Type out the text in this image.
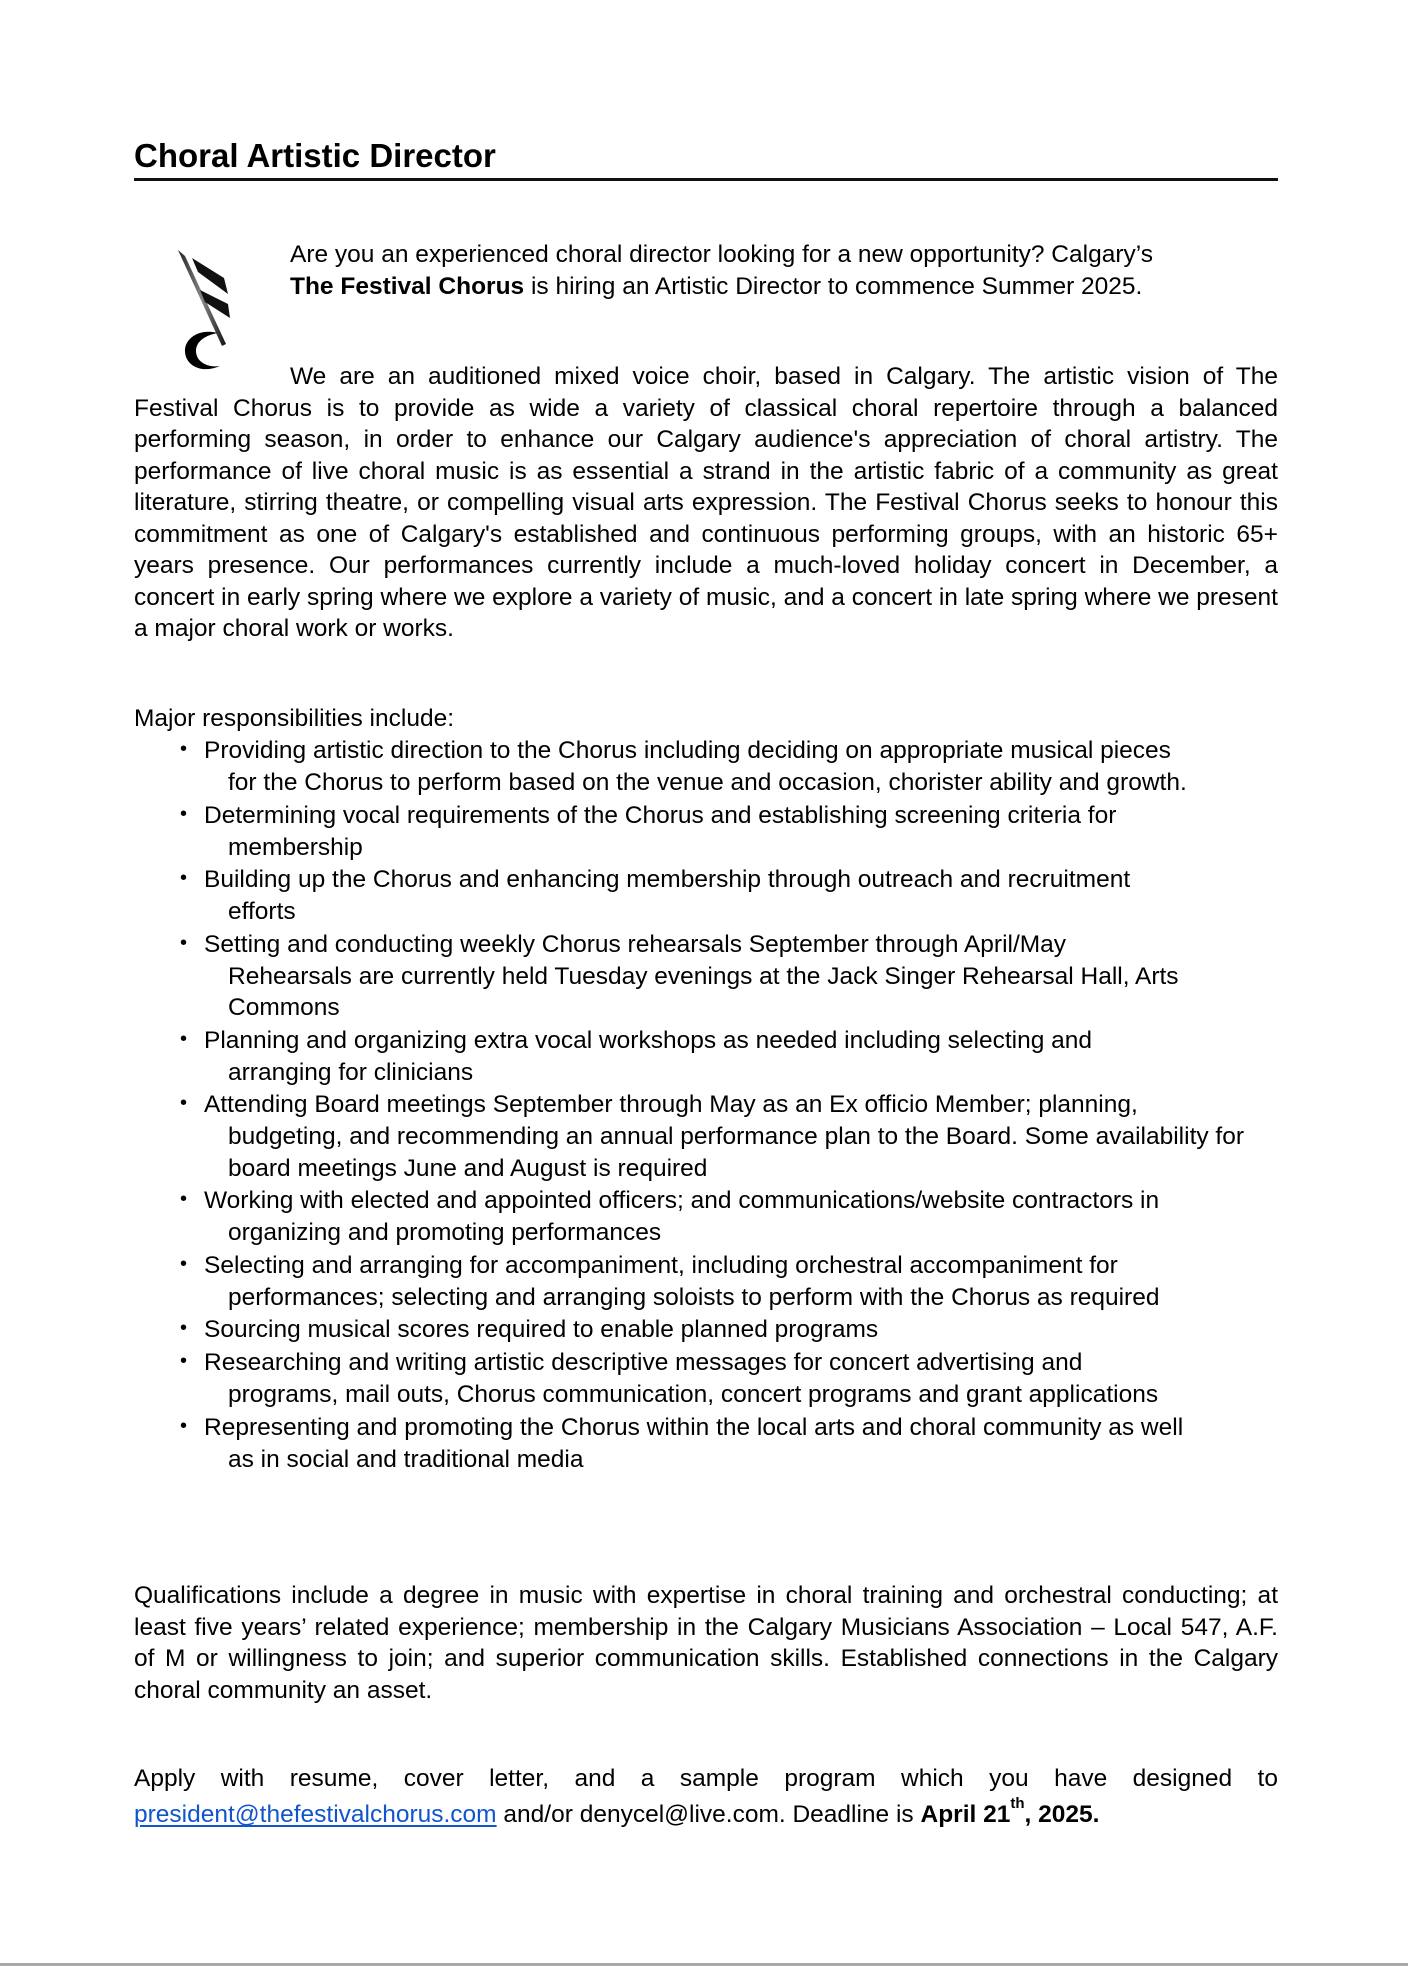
Choral Artistic Director
Are you an experienced choral director looking for a new opportunity? Calgary’s
The Festival Chorus is hiring an Artistic Director to commence Summer 2025.

We are an auditioned mixed voice choir, based in Calgary. The artistic vision of The Festival Chorus is to provide as wide a variety of classical choral repertoire through a balanced performing season, in order to enhance our Calgary audience's appreciation of choral artistry. The performance of live choral music is as essential a strand in the artistic fabric of a community as great literature, stirring theatre, or compelling visual arts expression. The Festival Chorus seeks to honour this commitment as one of Calgary's established and continuous performing groups, with an historic 65+ years presence. Our performances currently include a much-loved holiday concert in December, a concert in early spring where we explore a variety of music, and a concert in late spring where we present a major choral work or works.

Major responsibilities include:
• Providing artistic direction to the Chorus including deciding on appropriate musical pieces
for the Chorus to perform based on the venue and occasion, chorister ability and growth.
• Determining vocal requirements of the Chorus and establishing screening criteria for
membership
• Building up the Chorus and enhancing membership through outreach and recruitment
efforts
• Setting and conducting weekly Chorus rehearsals September through April/May
Rehearsals are currently held Tuesday evenings at the Jack Singer Rehearsal Hall, Arts Commons
• Planning and organizing extra vocal workshops as needed including selecting and
arranging for clinicians
• Attending Board meetings September through May as an Ex officio Member; planning,
budgeting, and recommending an annual performance plan to the Board. Some availability for board meetings June and August is required
• Working with elected and appointed officers; and communications/website contractors in
organizing and promoting performances
• Selecting and arranging for accompaniment, including orchestral accompaniment for
performances; selecting and arranging soloists to perform with the Chorus as required
• Sourcing musical scores required to enable planned programs
• Researching and writing artistic descriptive messages for concert advertising and
programs, mail outs, Chorus communication, concert programs and grant applications
• Representing and promoting the Chorus within the local arts and choral community as well
as in social and traditional media

Qualifications include a degree in music with expertise in choral training and orchestral conducting; at least five years’ related experience; membership in the Calgary Musicians Association – Local 547, A.F. of M or willingness to join; and superior communication skills. Established connections in the Calgary choral community an asset.

Apply with resume, cover letter, and a sample program which you have designed to
president@thefestivalchorus.com and/or denycel@live.com. Deadline is April 21th, 2025.
